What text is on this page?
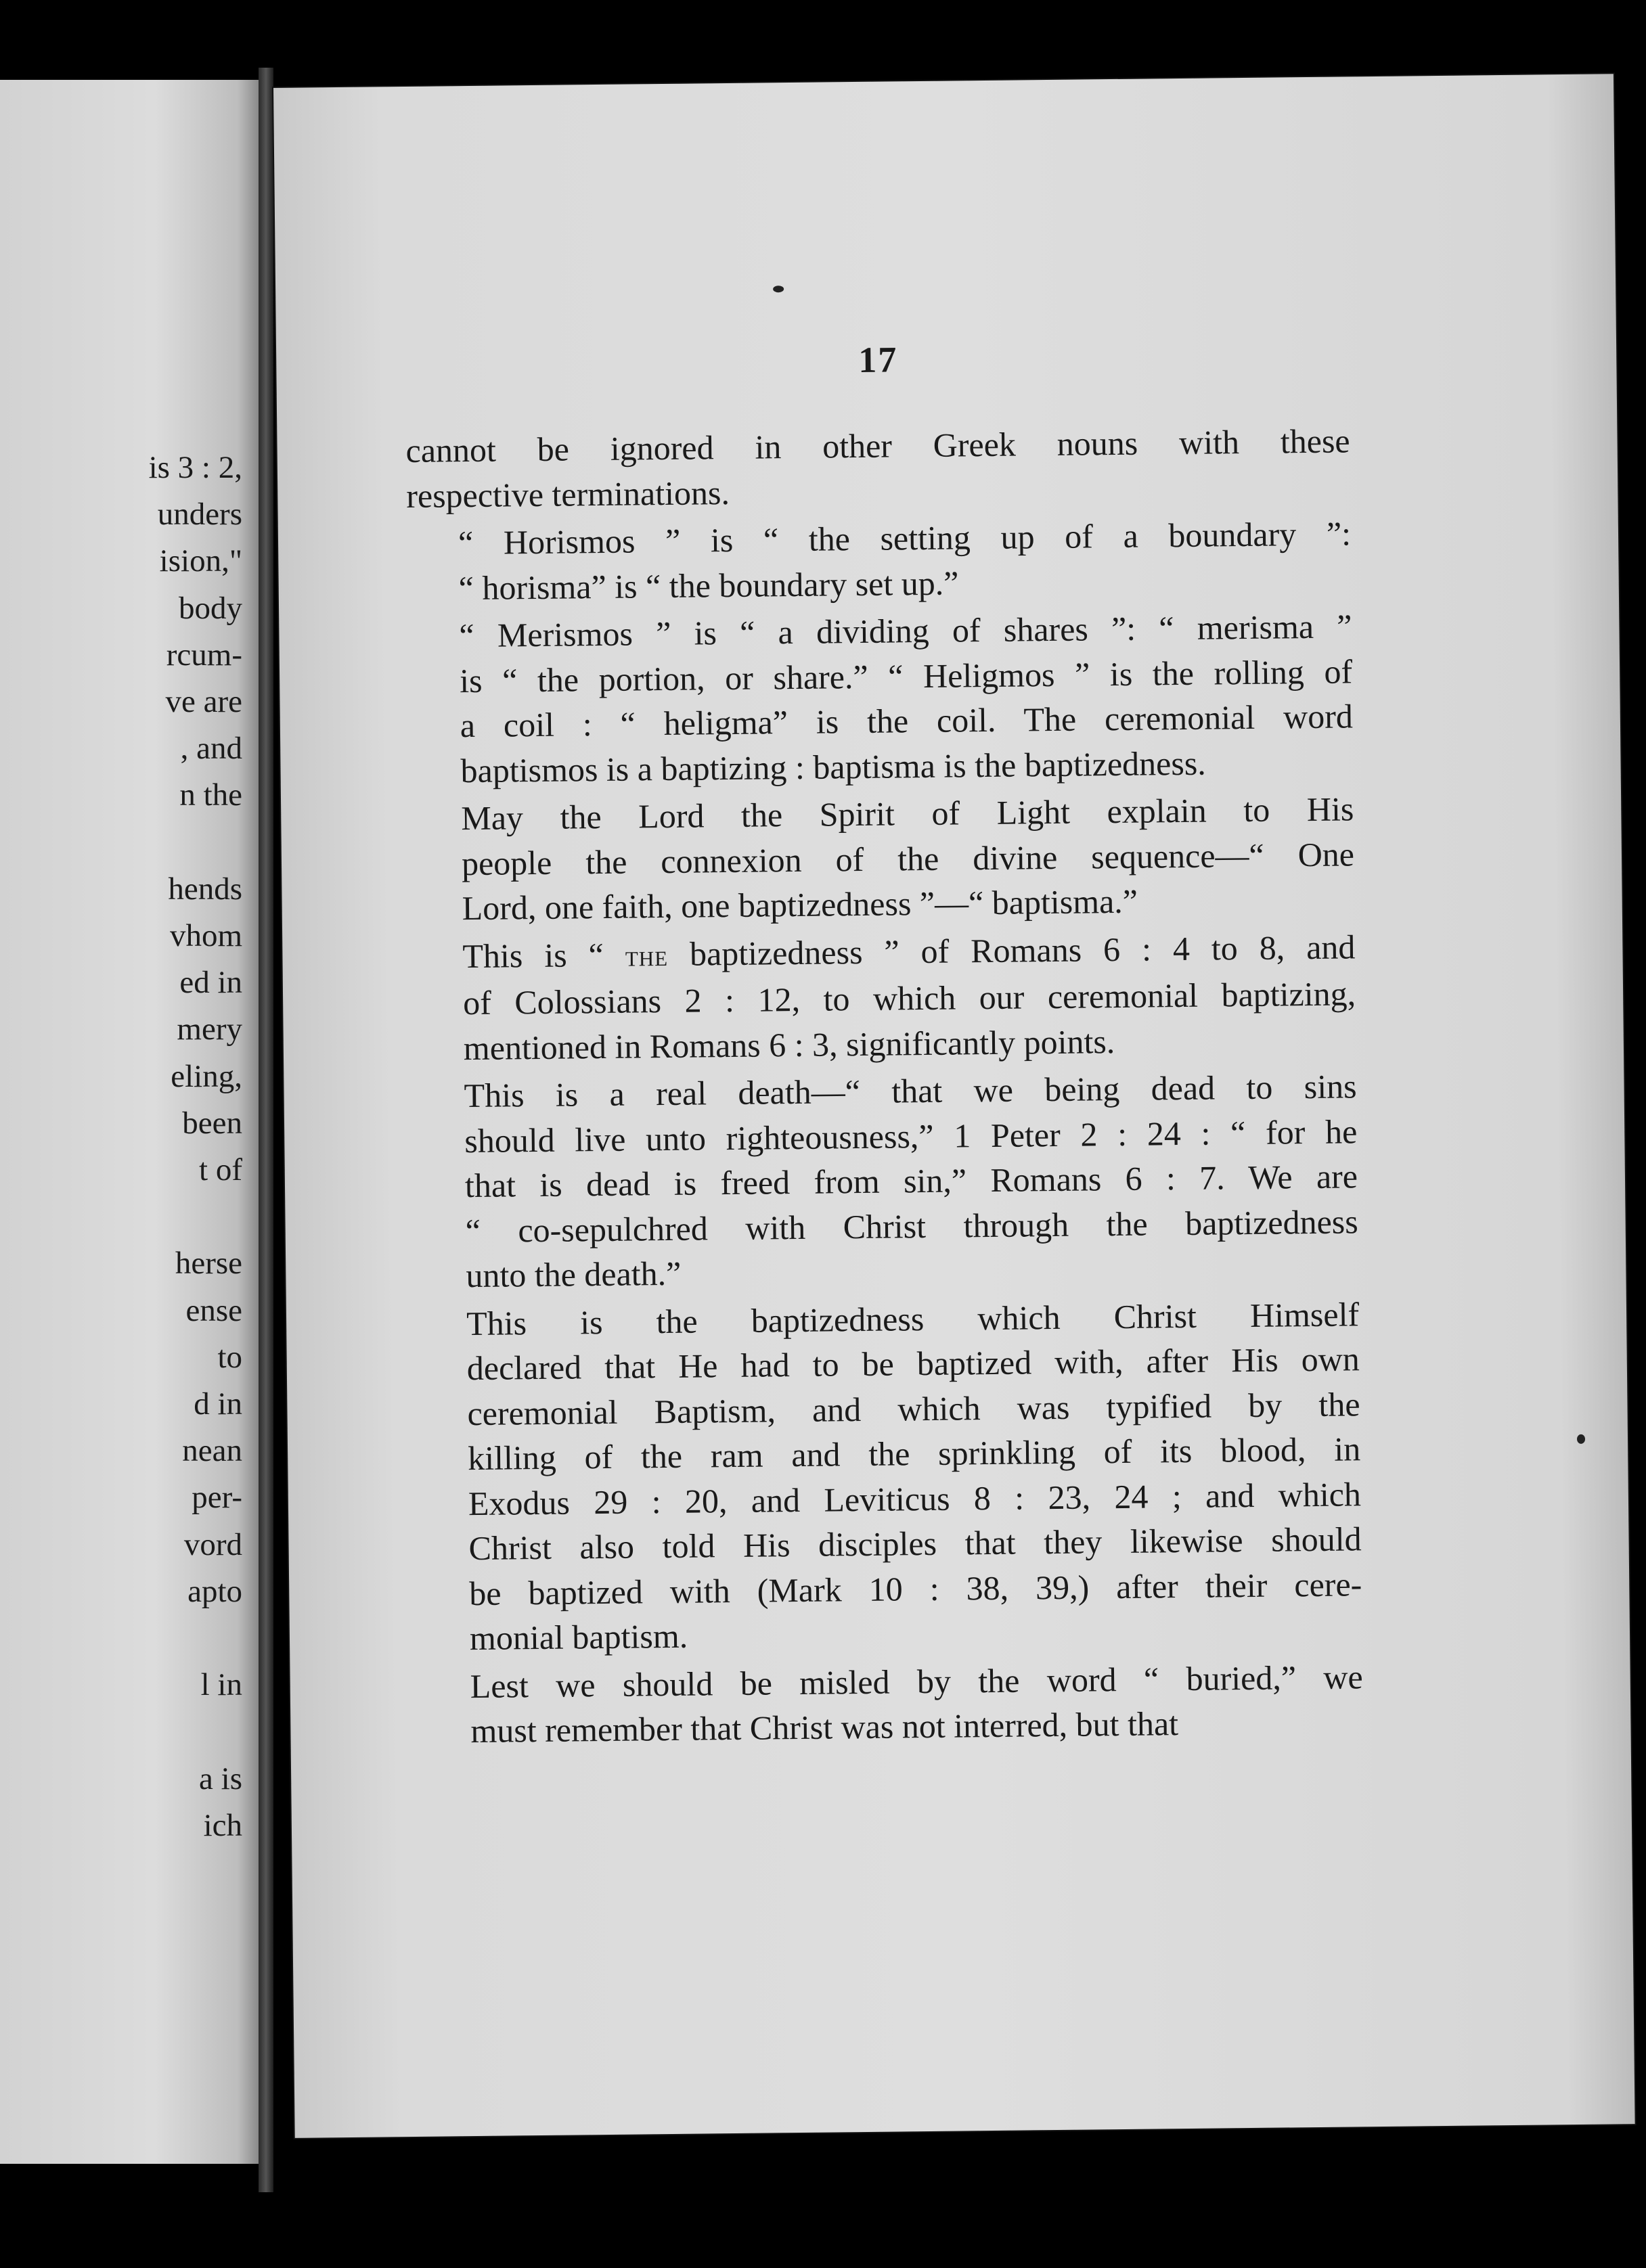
is 3 : 2,
unders
ision,"
body
rcum-
ve are
, and
n the
hends
vhom
ed in
mery
eling,
been
t of
herse
ense
to
d in
nean
per-
vord
apto
l in
a is
ich
17
cannot be ignored in other Greek nouns with these
respective terminations.
“ Horismos ” is “ the setting up of a boundary ”:
“ horisma” is “ the boundary set up.”
“ Merismos ” is “ a dividing of shares ”: “ merisma ”
is “ the portion, or share.” “ Heligmos ” is the rolling of
a coil : “ heligma” is the coil. The ceremonial word
baptismos is a baptizing : baptisma is the baptizedness.
May the Lord the Spirit of Light explain to His
people the connexion of the divine sequence—“ One
Lord, one faith, one baptizedness ”—“ baptisma.”
This is “ the baptizedness ” of Romans 6 : 4 to 8, and
of Colossians 2 : 12, to which our ceremonial baptizing,
mentioned in Romans 6 : 3, significantly points.
This is a real death—“ that we being dead to sins
should live unto righteousness,” 1 Peter 2 : 24 : “ for he
that is dead is freed from sin,” Romans 6 : 7. We are
“ co-sepulchred with Christ through the baptizedness
unto the death.”
This is the baptizedness which Christ Himself
declared that He had to be baptized with, after His own
ceremonial Baptism, and which was typified by the
killing of the ram and the sprinkling of its blood, in
Exodus 29 : 20, and Leviticus 8 : 23, 24 ; and which
Christ also told His disciples that they likewise should
be baptized with (Mark 10 : 38, 39,) after their cere-
monial baptism.
Lest we should be misled by the word “ buried,” we
must remember that Christ was not interred, but that
